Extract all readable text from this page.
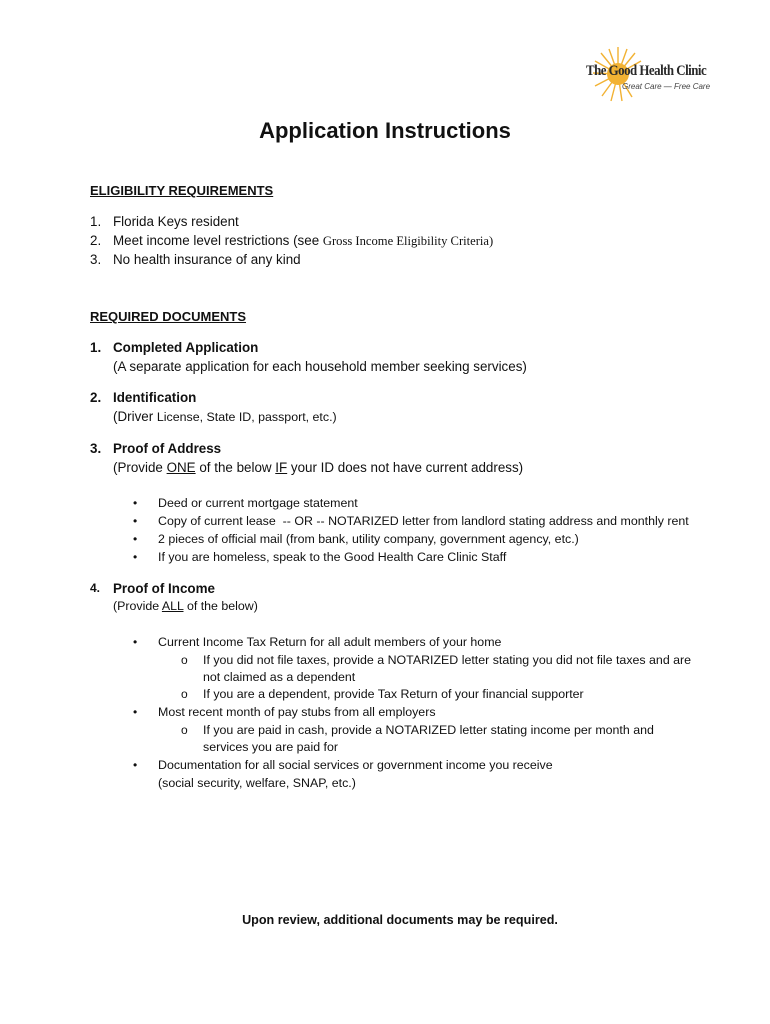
The Good Health Clinic
Great Care — Free Care
Application Instructions
ELIGIBILITY REQUIREMENTS
1. Florida Keys resident
2. Meet income level restrictions (see Gross Income Eligibility Criteria)
3. No health insurance of any kind
REQUIRED DOCUMENTS
1. Completed Application
(A separate application for each household member seeking services)
2. Identification
(Driver License, State ID, passport, etc.)
3. Proof of Address
(Provide ONE of the below IF your ID does not have current address)
• Deed or current mortgage statement
• Copy of current lease  -- OR -- NOTARIZED letter from landlord stating address and monthly rent
• 2 pieces of official mail (from bank, utility company, government agency, etc.)
• If you are homeless, speak to the Good Health Care Clinic Staff
4. Proof of Income
(Provide ALL of the below)
• Current Income Tax Return for all adult members of your home
o If you did not file taxes, provide a NOTARIZED letter stating you did not file taxes and are
not claimed as a dependent
o If you are a dependent, provide Tax Return of your financial supporter
• Most recent month of pay stubs from all employers
o If you are paid in cash, provide a NOTARIZED letter stating income per month and
services you are paid for
• Documentation for all social services or government income you receive
(social security, welfare, SNAP, etc.)
Upon review, additional documents may be required.
